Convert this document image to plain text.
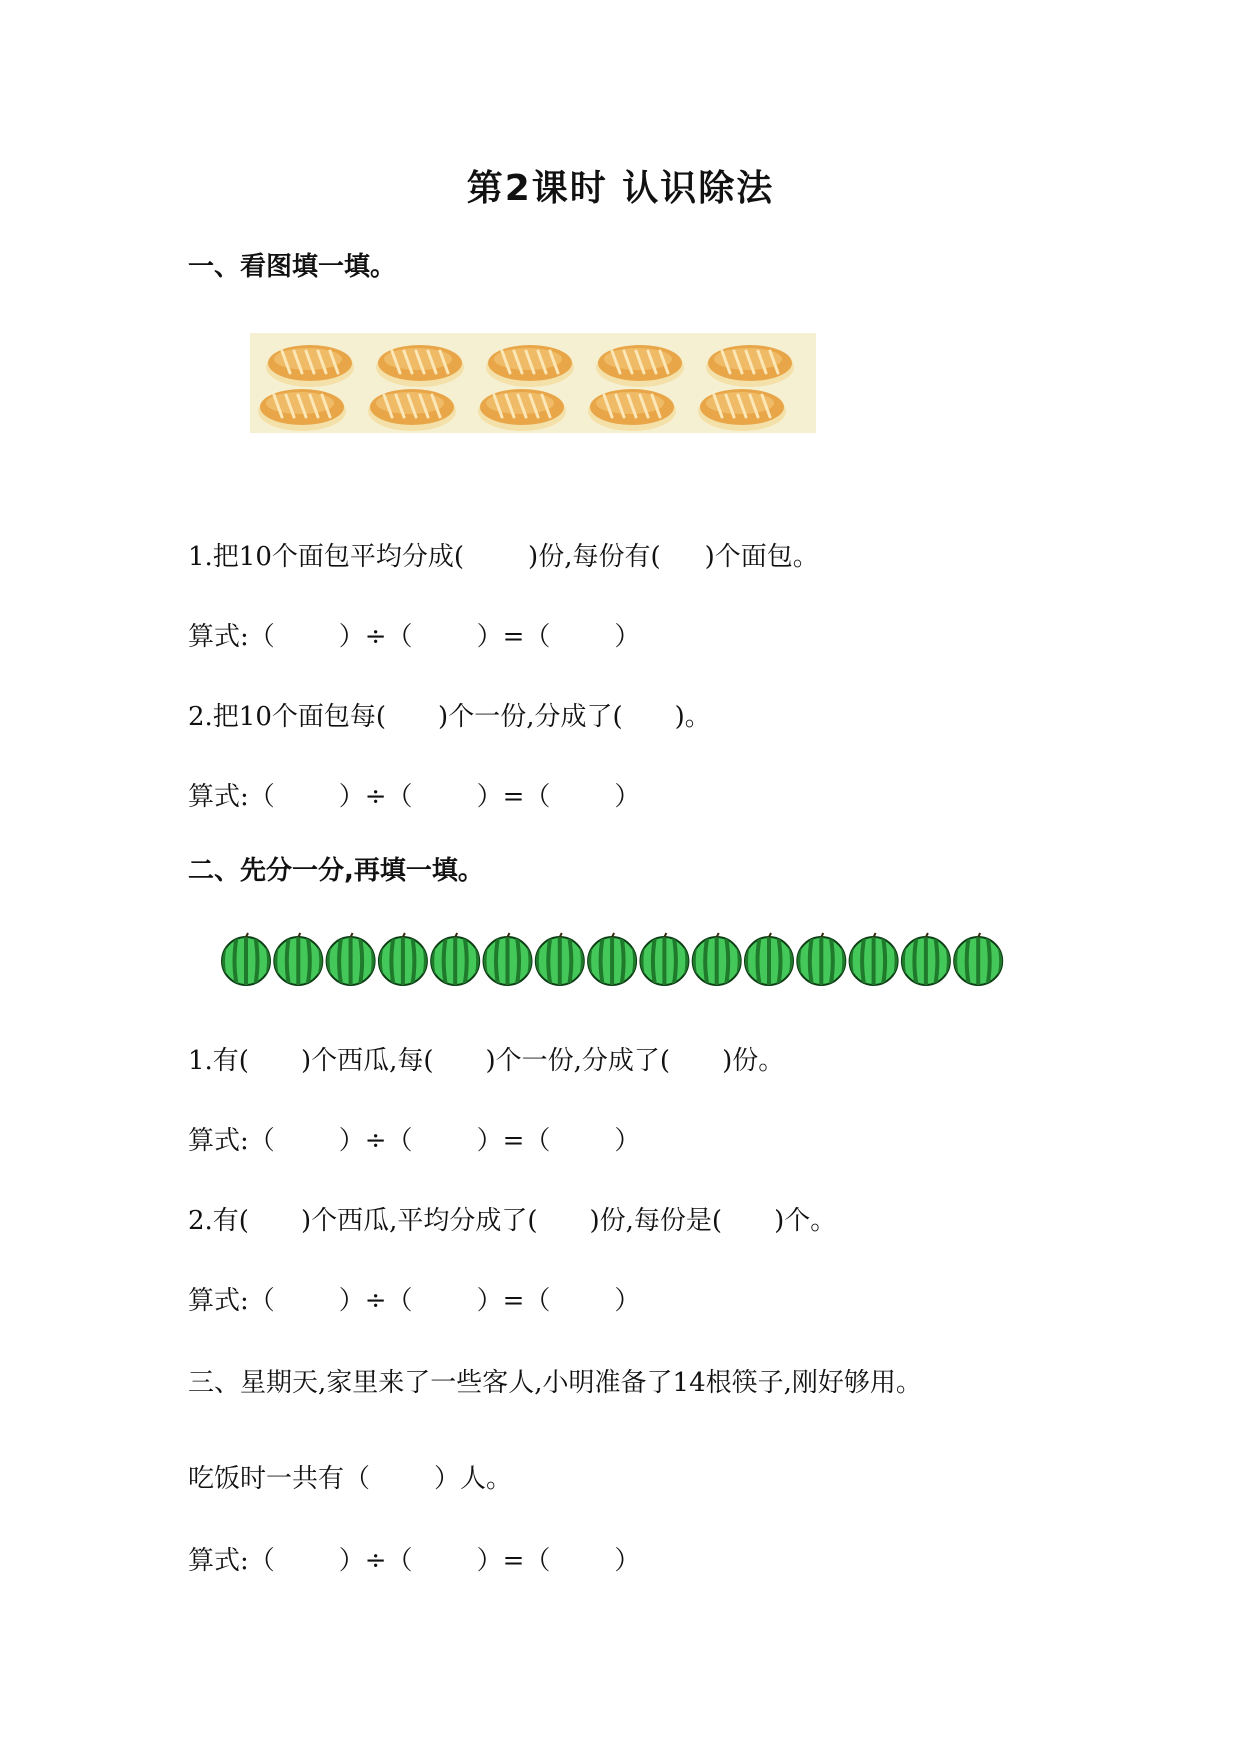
第2课时 认识除法
一、看图填一填。
1.把10个面包平均分成( )份,每份有( )个面包。
算式:（ ）÷（ ）=（ ）
2.把10个面包每( )个一份,分成了( )。
算式:（ ）÷（ ）=（ ）
二、先分一分,再填一填。
1.有( )个西瓜,每( )个一份,分成了( )份。
算式:（ ）÷（ ）=（ ）
2.有( )个西瓜,平均分成了( )份,每份是( )个。
算式:（ ）÷（ ）=（ ）
三、星期天,家里来了一些客人,小明准备了14根筷子,刚好够用。
吃饭时一共有（ ）人。
算式:（ ）÷（ ）=（ ）
